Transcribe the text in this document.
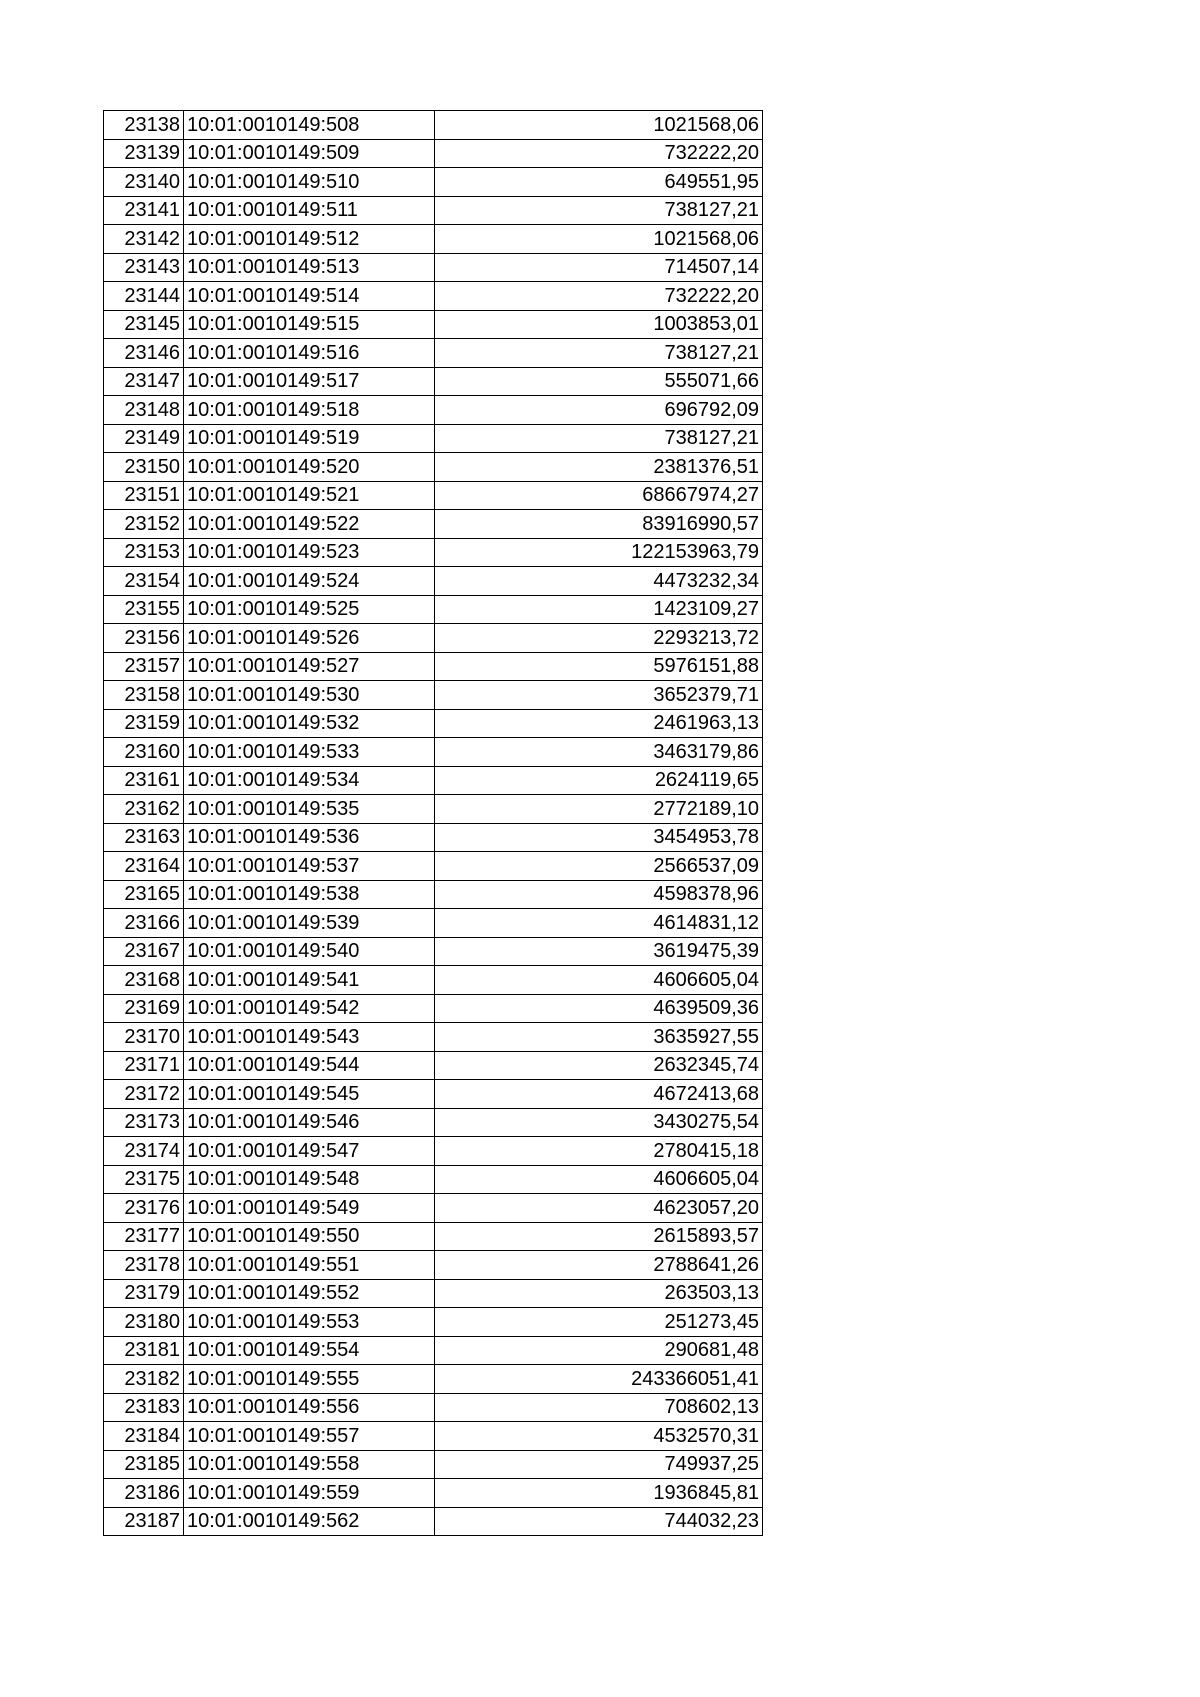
23138	10:01:0010149:508	1021568,06
23139	10:01:0010149:509	732222,20
23140	10:01:0010149:510	649551,95
23141	10:01:0010149:511	738127,21
23142	10:01:0010149:512	1021568,06
23143	10:01:0010149:513	714507,14
23144	10:01:0010149:514	732222,20
23145	10:01:0010149:515	1003853,01
23146	10:01:0010149:516	738127,21
23147	10:01:0010149:517	555071,66
23148	10:01:0010149:518	696792,09
23149	10:01:0010149:519	738127,21
23150	10:01:0010149:520	2381376,51
23151	10:01:0010149:521	68667974,27
23152	10:01:0010149:522	83916990,57
23153	10:01:0010149:523	122153963,79
23154	10:01:0010149:524	4473232,34
23155	10:01:0010149:525	1423109,27
23156	10:01:0010149:526	2293213,72
23157	10:01:0010149:527	5976151,88
23158	10:01:0010149:530	3652379,71
23159	10:01:0010149:532	2461963,13
23160	10:01:0010149:533	3463179,86
23161	10:01:0010149:534	2624119,65
23162	10:01:0010149:535	2772189,10
23163	10:01:0010149:536	3454953,78
23164	10:01:0010149:537	2566537,09
23165	10:01:0010149:538	4598378,96
23166	10:01:0010149:539	4614831,12
23167	10:01:0010149:540	3619475,39
23168	10:01:0010149:541	4606605,04
23169	10:01:0010149:542	4639509,36
23170	10:01:0010149:543	3635927,55
23171	10:01:0010149:544	2632345,74
23172	10:01:0010149:545	4672413,68
23173	10:01:0010149:546	3430275,54
23174	10:01:0010149:547	2780415,18
23175	10:01:0010149:548	4606605,04
23176	10:01:0010149:549	4623057,20
23177	10:01:0010149:550	2615893,57
23178	10:01:0010149:551	2788641,26
23179	10:01:0010149:552	263503,13
23180	10:01:0010149:553	251273,45
23181	10:01:0010149:554	290681,48
23182	10:01:0010149:555	243366051,41
23183	10:01:0010149:556	708602,13
23184	10:01:0010149:557	4532570,31
23185	10:01:0010149:558	749937,25
23186	10:01:0010149:559	1936845,81
23187	10:01:0010149:562	744032,23
